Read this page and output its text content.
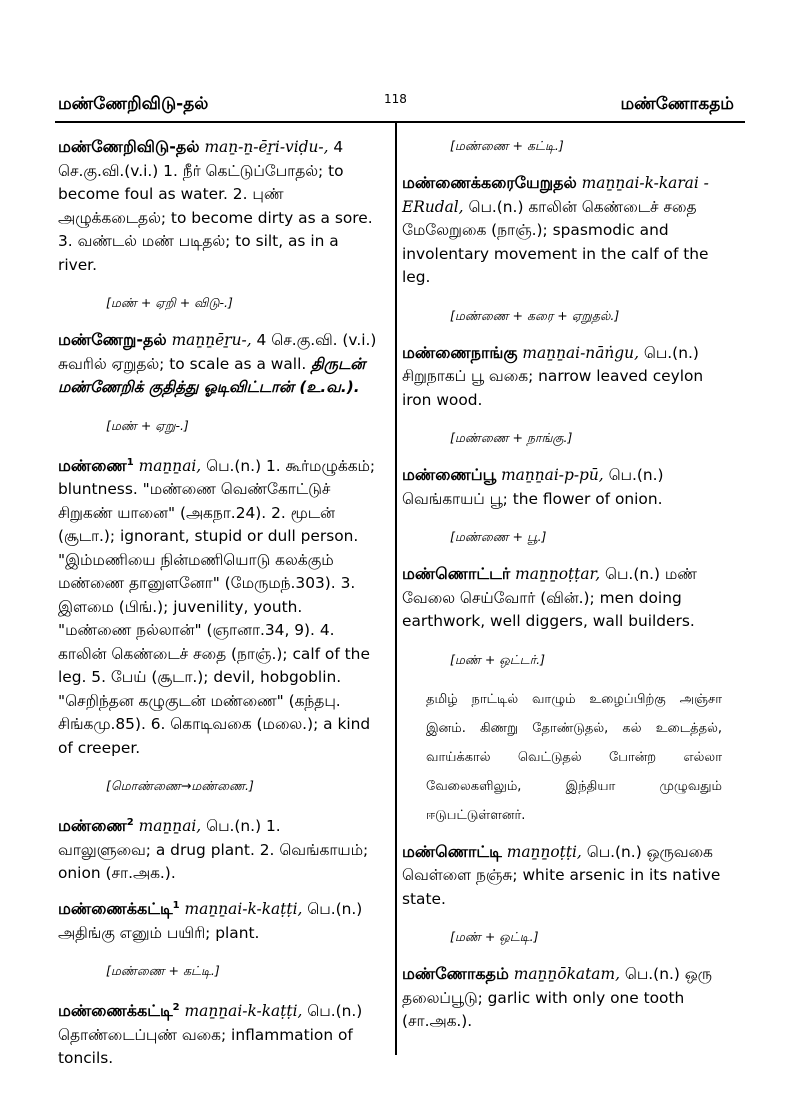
மண்ணேறிவிடு-தல்	118	மண்ணோகதம்
மண்ணேறிவிடு-தல் maṉ-ṉ-ēṟi-viḍu-, 4 செ.கு.வி.(v.i.) 1. நீர் கெட்டுப்போதல்; to become foul as water. 2. புண் அழுக்கடைதல்; to become dirty as a sore. 3. வண்டல் மண் படிதல்; to silt, as in a river.
[மண் + ஏறி + விடு-.]
மண்ணேறு-தல் maṉṉēṟu-, 4 செ.கு.வி. (v.i.) சுவரில் ஏறுதல்; to scale as a wall. திருடன் மண்ணேறிக் குதித்து ஓடிவிட்டான் (உ.வ.).
[மண் + ஏறு-.]
மண்ணை$^1$ maṉṉai, பெ.(n.) 1. கூர்மழுக்கம்; bluntness. "மண்ணை வெண்கோட்டுச் சிறுகண் யானை" (அகநா.24). 2. மூடன் (சூடா.); ignorant, stupid or dull person. "இம்மணியை நின்மணியொடு கலக்கும் மண்ணை தானுளனோ" (மேருமந்.303). 3. இளமை (பிங்.); juvenility, youth. "மண்ணை நல்லான்" (ஞானா.34, 9). 4. காலின் கெண்டைச் சதை (நாஞ்.); calf of the leg. 5. பேய் (சூடா.); devil, hobgoblin. "செறிந்தன கழுகுடன் மண்ணை" (கந்தபு. சிங்கமு.85). 6. கொடிவகை (மலை.); a kind of creeper.
[மொண்ணை→மண்ணை.]
மண்ணை$^2$ maṉṉai, பெ.(n.) 1. வாலுளுவை; a drug plant. 2. வெங்காயம்; onion (சா.அக.).
மண்ணைக்கட்டி$^1$ maṉṉai-k-kaṭṭi, பெ.(n.) அதிங்கு எனும் பயிரி; plant.
[மண்ணை + கட்டி.]
மண்ணைக்கட்டி$^2$ maṉṉai-k-kaṭṭi, பெ.(n.) தொண்டைப்புண் வகை; inflammation of toncils.
[மண்ணை + கட்டி.]
மண்ணைக்கரையேறுதல் maṉṉai-k-karai -ERudal, பெ.(n.) காலின் கெண்டைச் சதை மேலேறுகை (நாஞ்.); spasmodic and involentary movement in the calf of the leg.
[மண்ணை + கரை + ஏறுதல்.]
மண்ணைநாங்கு maṉṉai-nāṅgu, பெ.(n.) சிறுநாகப் பூ வகை; narrow leaved ceylon iron wood.
[மண்ணை + நாங்கு.]
மண்ணைப்பூ maṉṉai-p-pū, பெ.(n.) வெங்காயப் பூ; the flower of onion.
[மண்ணை + பூ.]
மண்ணொட்டர் maṉṉoṭṭar, பெ.(n.) மண் வேலை செய்வோர் (வின்.); men doing earthwork, well diggers, wall builders.
[மண் + ஒட்டர்.]
தமிழ் நாட்டில் வாழும் உழைப்பிற்கு அஞ்சா இனம். கிணறு தோண்டுதல், கல் உடைத்தல், வாய்க்கால் வெட்டுதல் போன்ற எல்லா வேலைகளிலும், இந்தியா முழுவதும் ஈடுபட்டுள்ளனர்.
மண்ணொட்டி maṉṉoṭṭi, பெ.(n.) ஒருவகை வெள்ளை நஞ்சு; white arsenic in its native state.
[மண் + ஒட்டி.]
மண்ணோகதம் maṉṉōkatam, பெ.(n.) ஒரு தலைப்பூடு; garlic with only one tooth (சா.அக.).
